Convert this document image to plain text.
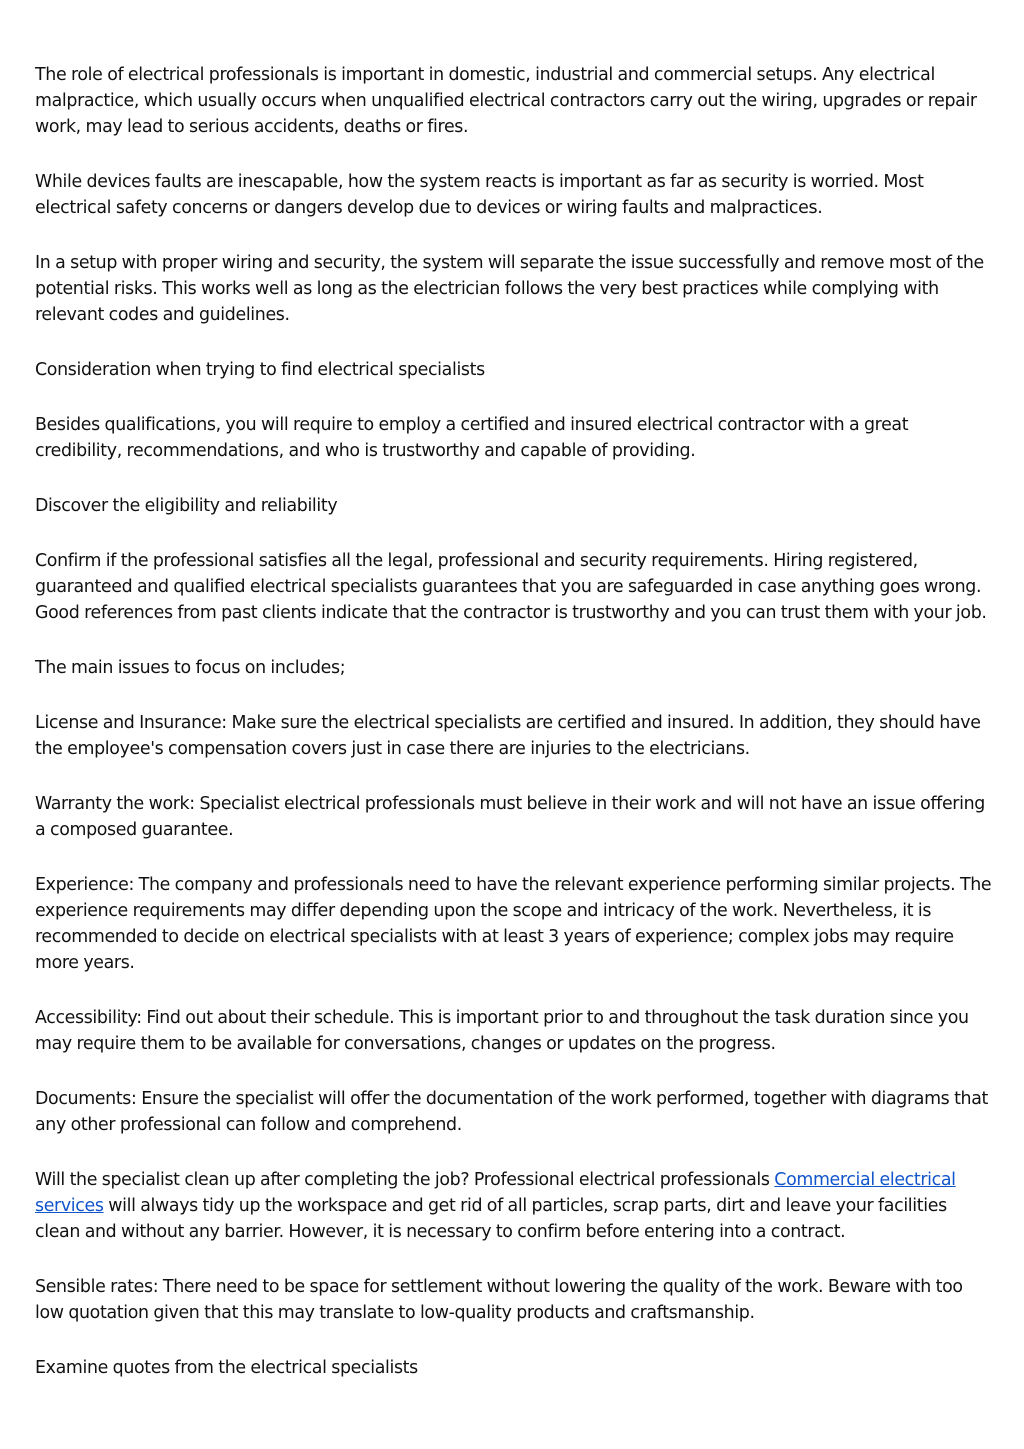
The role of electrical professionals is important in domestic, industrial and commercial setups. Any electrical malpractice, which usually occurs when unqualified electrical contractors carry out the wiring, upgrades or repair work, may lead to serious accidents, deaths or fires.

While devices faults are inescapable, how the system reacts is important as far as security is worried. Most electrical safety concerns or dangers develop due to devices or wiring faults and malpractices.

In a setup with proper wiring and security, the system will separate the issue successfully and remove most of the potential risks. This works well as long as the electrician follows the very best practices while complying with relevant codes and guidelines.

Consideration when trying to find electrical specialists

Besides qualifications, you will require to employ a certified and insured electrical contractor with a great credibility, recommendations, and who is trustworthy and capable of providing.

Discover the eligibility and reliability

Confirm if the professional satisfies all the legal, professional and security requirements. Hiring registered, guaranteed and qualified electrical specialists guarantees that you are safeguarded in case anything goes wrong. Good references from past clients indicate that the contractor is trustworthy and you can trust them with your job.

The main issues to focus on includes;

License and Insurance: Make sure the electrical specialists are certified and insured. In addition, they should have the employee's compensation covers just in case there are injuries to the electricians.

Warranty the work: Specialist electrical professionals must believe in their work and will not have an issue offering a composed guarantee.

Experience: The company and professionals need to have the relevant experience performing similar projects. The experience requirements may differ depending upon the scope and intricacy of the work. Nevertheless, it is recommended to decide on electrical specialists with at least 3 years of experience; complex jobs may require more years.

Accessibility: Find out about their schedule. This is important prior to and throughout the task duration since you may require them to be available for conversations, changes or updates on the progress.

Documents: Ensure the specialist will offer the documentation of the work performed, together with diagrams that any other professional can follow and comprehend.

Will the specialist clean up after completing the job? Professional electrical professionals Commercial electrical services will always tidy up the workspace and get rid of all particles, scrap parts, dirt and leave your facilities clean and without any barrier. However, it is necessary to confirm before entering into a contract.

Sensible rates: There need to be space for settlement without lowering the quality of the work. Beware with too low quotation given that this may translate to low-quality products and craftsmanship.

Examine quotes from the electrical specialists
